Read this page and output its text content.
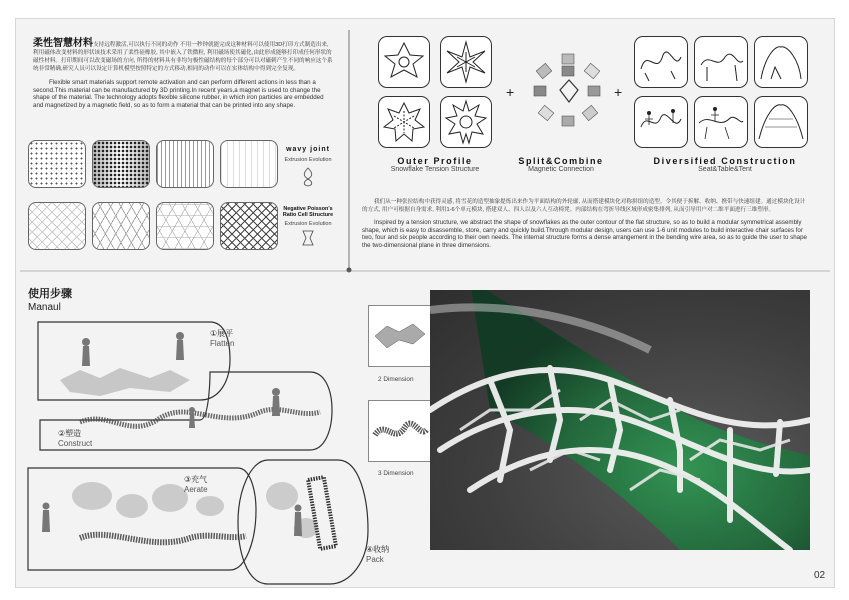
柔性智慧材料支持远程激活,可以执行不同的动作 不用一秒钟就能完成这种材料可以使用3D打印方式制造出来,利用磁体改变材料的形状该技术采用了柔性硅橡胶, 其中嵌入了铁微粒, 利用磁场使其磁化,由此形成能够打印成任何形状的磁性材料。打印期间可以改变磁场的方向, 所得的材料具有非均匀极性磁结构的每个部分可以对磁刺产生不同的响应这个系统非常精确,研究人员可以设定计算机模型按照特定的方式移动,相同的动作可以在实体结构中得到完全复现。
Flexible smart materials support remote activation and can perform different actions in less than a second.This material can be manufactured by 3D printing.In recent years,a magnet is used to change the shape of the material. The technology adopts flexible silicone rubber, in which iron particles are embedded and magnetized by a magnetic field, so as to form a material that can be printed into any shape.
wavy joint
Extrusion Evolution
Negative Poisson's Ratio Cell Structure
Extrusion Evolution
+	+
Outer Profile
Snowflake Tension Structure
Split&Combine
Magnetic Connection
Diversified Construction
Seat&Table&Tent
我们从一种张拉结构中获得灵感, 将雪花的造型抽象提炼出来作为平面结构的外轮廓, 从而搭建模块化对称拼组的造型。令其便于拆解、收纳、携带与快速组建。通过模块化设计的方式, 用户可根据自身需求, 利用1-6个单元模块, 搭建双人、四人以及六人互动椅凳。内部结构在弯折导线区域形成密集排列, 从而引导用户对二维平面进行三维塑形。
Inspired by a tension structure, we abstract the shape of snowflakes as the outer contour of the flat structure, so as to build a modular symmetrical assembly shape, which is easy to disassemble, store, carry and quickly build.Through modular design, users can use 1-6 unit modules to build interactive chair surfaces for two, four and six people according to their own needs. The internal structure forms a dense arrangement in the bending wire area, so as to guide the user to shape the two-dimensional plane in three dimensions.
使用步骤
Manaul
①展平
Flatten
②塑造
Construct
③充气
Aerate
④收纳
Pack
2 Dimension
3 Dimension
02
